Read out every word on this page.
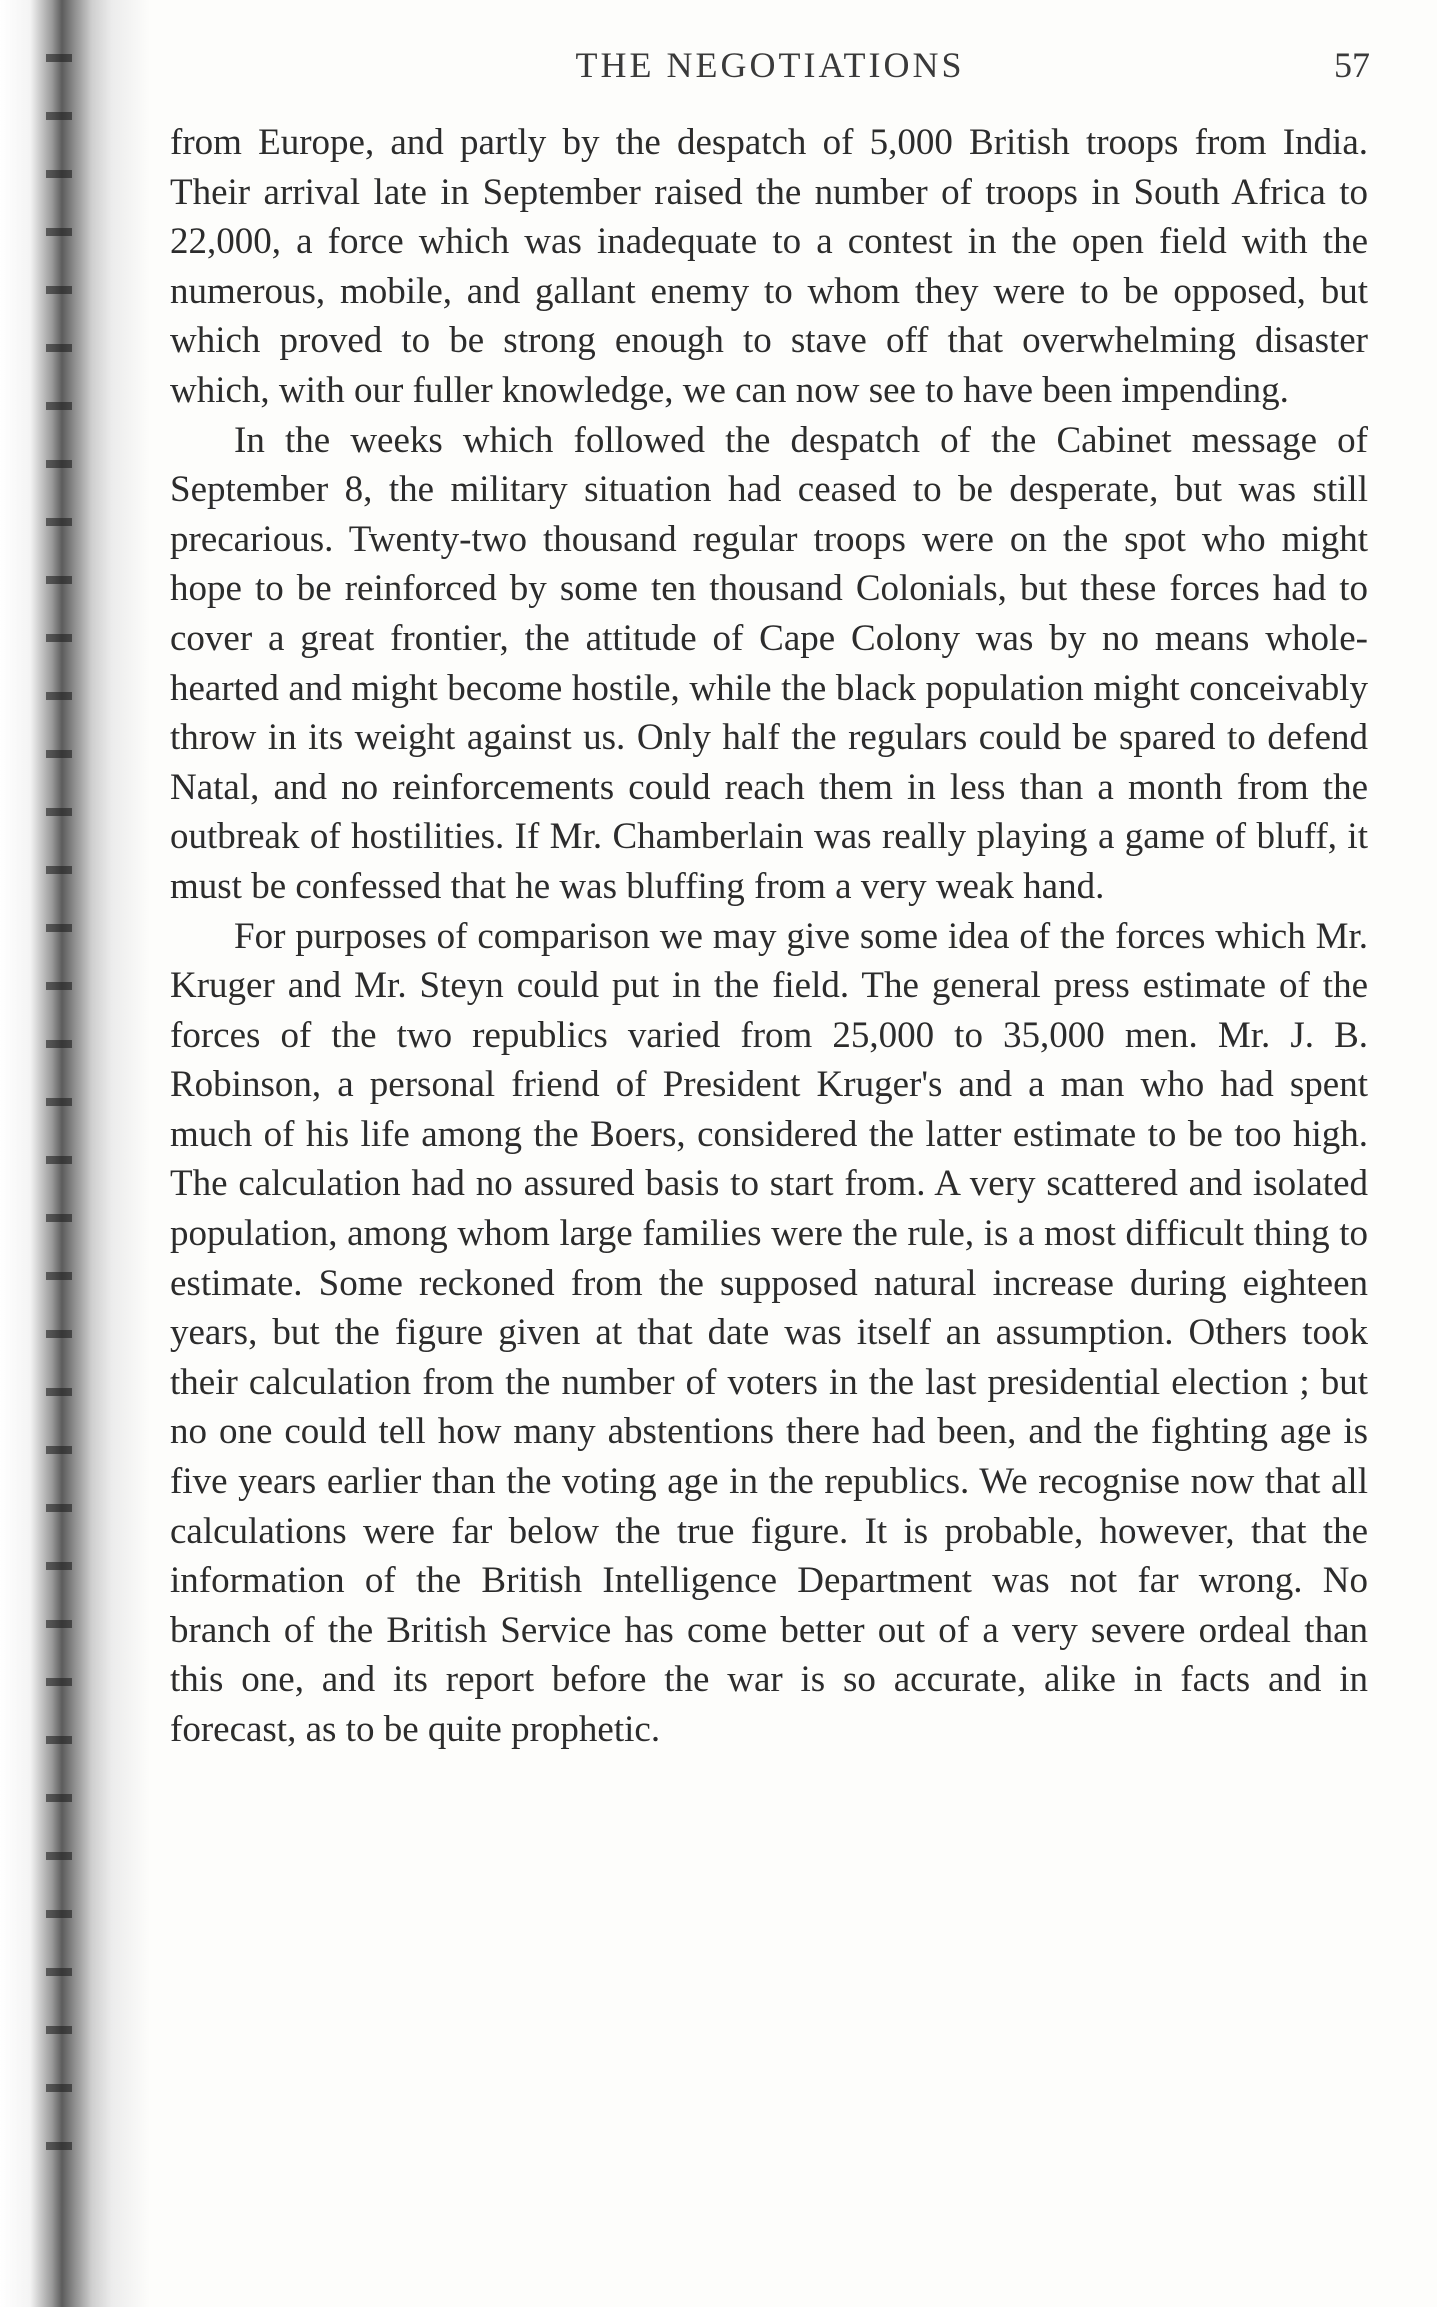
THE NEGOTIATIONS	57

from Europe, and partly by the despatch of 5,000 British troops from India. Their arrival late in September raised the number of troops in South Africa to 22,000, a force which was inadequate to a contest in the open field with the numerous, mobile, and gallant enemy to whom they were to be opposed, but which proved to be strong enough to stave off that overwhelming disaster which, with our fuller knowledge, we can now see to have been impending.

In the weeks which followed the despatch of the Cabinet message of September 8, the military situation had ceased to be desperate, but was still precarious. Twenty-two thousand regular troops were on the spot who might hope to be reinforced by some ten thousand Colonials, but these forces had to cover a great frontier, the attitude of Cape Colony was by no means whole-hearted and might become hostile, while the black population might conceivably throw in its weight against us. Only half the regulars could be spared to defend Natal, and no reinforcements could reach them in less than a month from the outbreak of hostilities. If Mr. Chamberlain was really playing a game of bluff, it must be confessed that he was bluffing from a very weak hand.

For purposes of comparison we may give some idea of the forces which Mr. Kruger and Mr. Steyn could put in the field. The general press estimate of the forces of the two republics varied from 25,000 to 35,000 men. Mr. J. B. Robinson, a personal friend of President Kruger's and a man who had spent much of his life among the Boers, considered the latter estimate to be too high. The calculation had no assured basis to start from. A very scattered and isolated population, among whom large families were the rule, is a most difficult thing to estimate. Some reckoned from the supposed natural increase during eighteen years, but the figure given at that date was itself an assumption. Others took their calculation from the number of voters in the last presidential election ; but no one could tell how many abstentions there had been, and the fighting age is five years earlier than the voting age in the republics. We recognise now that all calculations were far below the true figure. It is probable, however, that the information of the British Intelligence Department was not far wrong. No branch of the British Service has come better out of a very severe ordeal than this one, and its report before the war is so accurate, alike in facts and in forecast, as to be quite prophetic.
